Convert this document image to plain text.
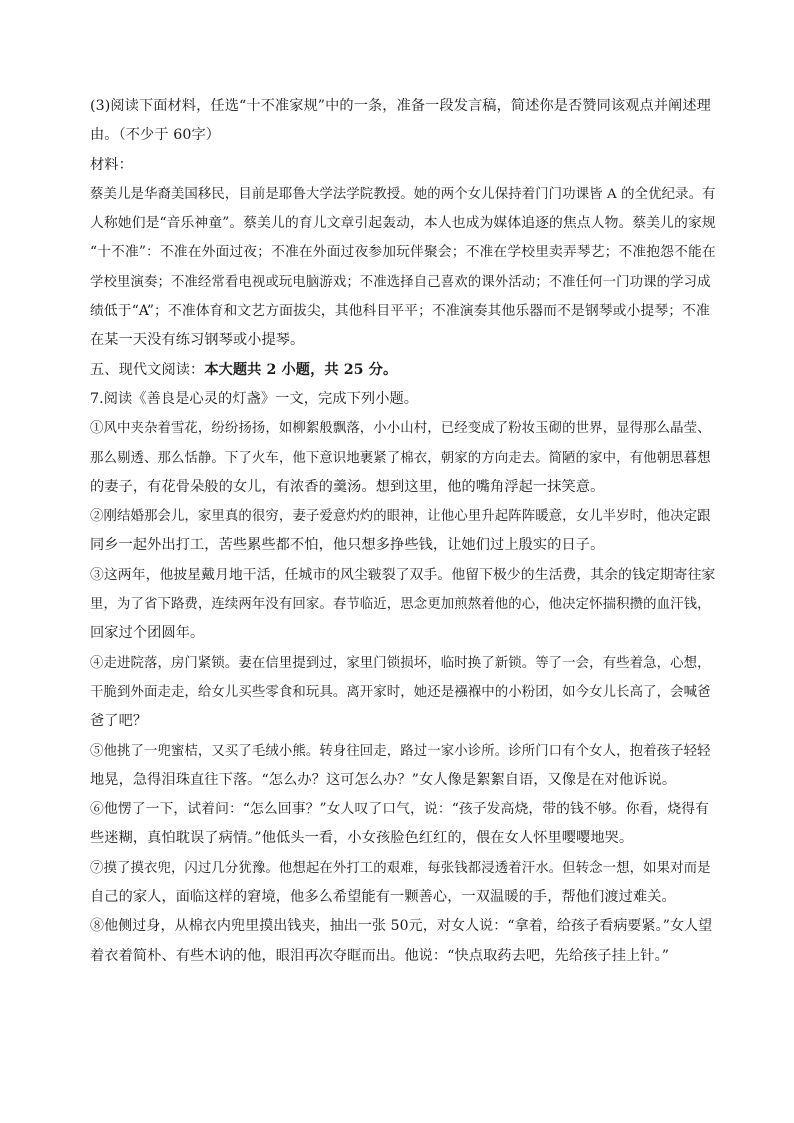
(3)阅读下面材料，任选“十不准家规”中的一条，准备一段发言稿，简述你是否赞同该观点并阐述理
由。（不少于 60字）
材料：
蔡美儿是华裔美国移民，目前是耶鲁大学法学院教授。她的两个女儿保持着门门功课皆 A 的全优纪录。有
人称她们是“音乐神童”。蔡美儿的育儿文章引起轰动，本人也成为媒体追逐的焦点人物。蔡美儿的家规
“十不准”：不准在外面过夜；不准在外面过夜参加玩伴聚会；不准在学校里卖弄琴艺；不准抱怨不能在
学校里演奏；不准经常看电视或玩电脑游戏；不准选择自己喜欢的课外活动；不准任何一门功课的学习成
绩低于“A”；不准体育和文艺方面拔尖，其他科目平平；不准演奏其他乐器而不是钢琴或小提琴；不准
在某一天没有练习钢琴或小提琴。
五、现代文阅读：本大题共 2 小题，共 25 分。
7.阅读《善良是心灵的灯盏》一文，完成下列小题。
①风中夹杂着雪花，纷纷扬扬，如柳絮般飘落，小小山村，已经变成了粉妆玉砌的世界，显得那么晶莹、
那么剔透、那么恬静。下了火车，他下意识地裹紧了棉衣，朝家的方向走去。简陋的家中，有他朝思暮想
的妻子，有花骨朵般的女儿，有浓香的羹汤。想到这里，他的嘴角浮起一抹笑意。
②刚结婚那会儿，家里真的很穷，妻子爱意灼灼的眼神，让他心里升起阵阵暖意，女儿半岁时，他决定跟
同乡一起外出打工，苦些累些都不怕，他只想多挣些钱，让她们过上殷实的日子。
③这两年，他披星戴月地干活，任城市的风尘皲裂了双手。他留下极少的生活费，其余的钱定期寄往家
里，为了省下路费，连续两年没有回家。春节临近，思念更加煎熬着他的心，他决定怀揣积攒的血汗钱，
回家过个团圆年。
④走进院落，房门紧锁。妻在信里提到过，家里门锁损坏，临时换了新锁。等了一会，有些着急，心想，
干脆到外面走走，给女儿买些零食和玩具。离开家时，她还是襁褓中的小粉团，如今女儿长高了，会喊爸
爸了吧？
⑤他挑了一兜蜜桔，又买了毛绒小熊。转身往回走，路过一家小诊所。诊所门口有个女人，抱着孩子轻轻
地晃，急得泪珠直往下落。“怎么办？这可怎么办？”女人像是絮絮自语，又像是在对他诉说。
⑥他愣了一下，试着问：“怎么回事？”女人叹了口气，说：“孩子发高烧，带的钱不够。你看，烧得有
些迷糊，真怕耽误了病情。”他低头一看，小女孩脸色红红的，偎在女人怀里嘤嘤地哭。
⑦摸了摸衣兜，闪过几分犹豫。他想起在外打工的艰难，每张钱都浸透着汗水。但转念一想，如果对而是
自己的家人，面临这样的窘境，他多么希望能有一颗善心，一双温暖的手，帮他们渡过难关。
⑧他侧过身，从棉衣内兜里摸出钱夹，抽出一张 50元，对女人说：“拿着，给孩子看病要紧。”女人望
着衣着简朴、有些木讷的他，眼泪再次夺眶而出。他说：“快点取药去吧，先给孩子挂上针。”
